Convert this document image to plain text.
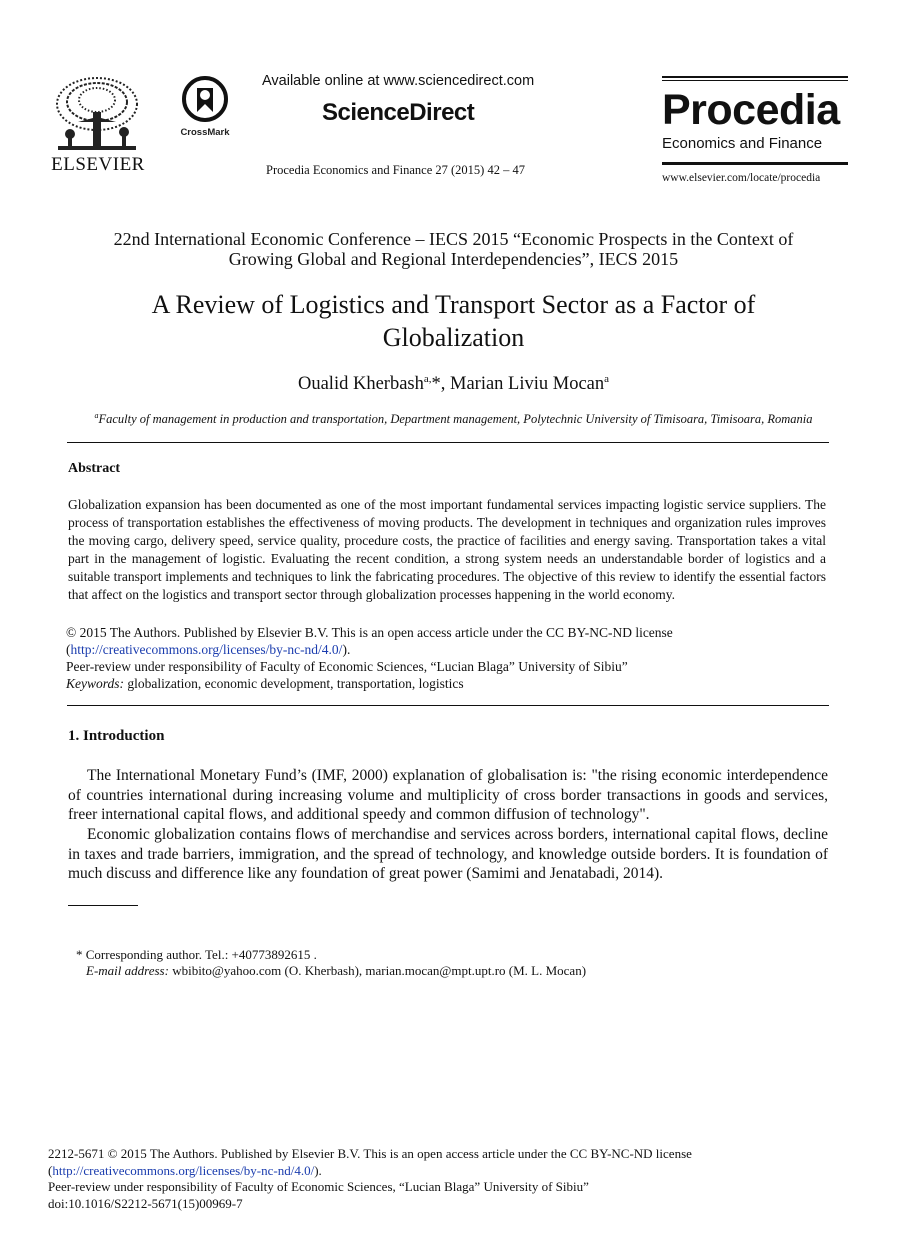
ELSEVIER
CrossMark
Available online at www.sciencedirect.com
ScienceDirect
Procedia Economics and Finance 27 (2015) 42 – 47
Procedia
Economics and Finance
www.elsevier.com/locate/procedia
22nd International Economic Conference – IECS 2015 “Economic Prospects in the Context of
Growing Global and Regional Interdependencies”, IECS 2015
A Review of Logistics and Transport Sector as a Factor of
Globalization
Oualid Kherbash$^{a,}$*, Marian Liviu Mocan$^a$
$^a$Faculty of management in production and transportation, Department management, Polytechnic University of Timisoara, Timisoara, Romania
Abstract
Globalization expansion has been documented as one of the most important fundamental services impacting logistic service suppliers. The process of transportation establishes the effectiveness of moving products. The development in techniques and organization rules improves the moving cargo, delivery speed, service quality, procedure costs, the practice of facilities and energy saving. Transportation takes a vital part in the management of logistic. Evaluating the recent condition, a strong system needs an understandable border of logistics and a suitable transport implements and techniques to link the fabricating procedures. The objective of this review to identify the essential factors that affect on the logistics and transport sector through globalization processes happening in the world economy.
© 2015 The Authors. Published by Elsevier B.V. This is an open access article under the CC BY-NC-ND license
(http://creativecommons.org/licenses/by-nc-nd/4.0/).
Peer-review under responsibility of Faculty of Economic Sciences, “Lucian Blaga” University of Sibiu”
Keywords: globalization, economic development, transportation, logistics
1. Introduction
The International Monetary Fund’s (IMF, 2000) explanation of globalisation is: "the rising economic interdependence of countries international during increasing volume and multiplicity of cross border transactions in goods and services, freer international capital flows, and additional speedy and common diffusion of technology".
Economic globalization contains flows of merchandise and services across borders, international capital flows, decline in taxes and trade barriers, immigration, and the spread of technology, and knowledge outside borders. It is foundation of much discuss and difference like any foundation of great power (Samimi and Jenatabadi, 2014).
* Corresponding author. Tel.: +40773892615 .
E-mail address: wbibito@yahoo.com (O. Kherbash), marian.mocan@mpt.upt.ro (M. L. Mocan)
2212-5671 © 2015 The Authors. Published by Elsevier B.V. This is an open access article under the CC BY-NC-ND license
(http://creativecommons.org/licenses/by-nc-nd/4.0/).
Peer-review under responsibility of Faculty of Economic Sciences, “Lucian Blaga” University of Sibiu”
doi:10.1016/S2212-5671(15)00969-7
